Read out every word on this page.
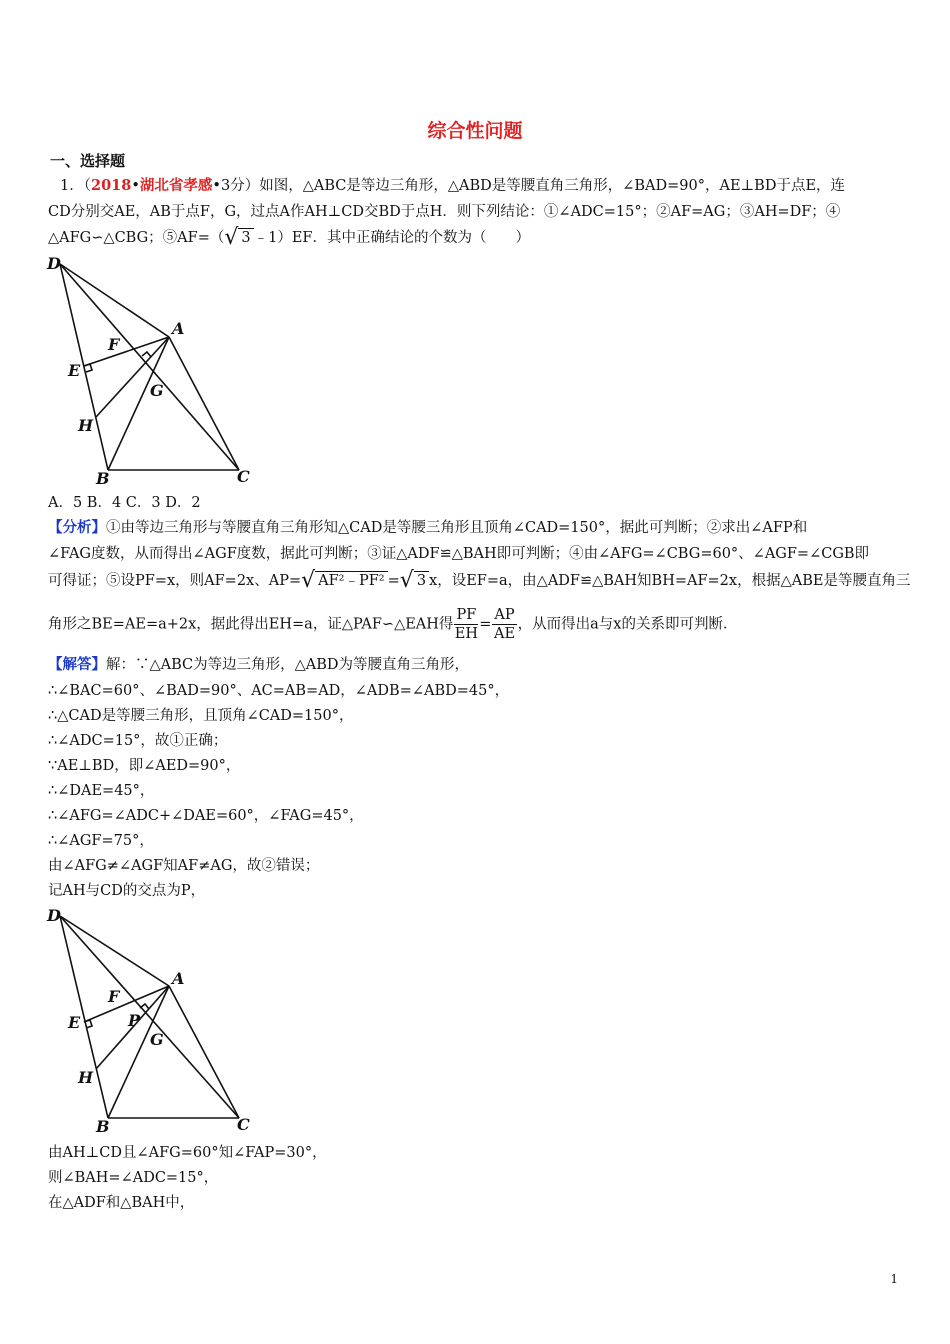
综合性问题
一、选择题
1．（2018•湖北省孝感•3分）如图，△ABC是等边三角形，△ABD是等腰直角三角形，∠BAD=90°，AE⊥BD于点E，连
CD分别交AE，AB于点F，G，过点A作AH⊥CD交BD于点H．则下列结论：①∠ADC=15°；②AF=AG；③AH=DF；④
△AFG∽△CBG；⑤AF=（√ 3 ﹣1）EF．其中正确结论的个数为（　　）
D
A
F
E
G
H
B	C
A．5 B．4 C．3 D．2
【分析】①由等边三角形与等腰直角三角形知△CAD是等腰三角形且顶角∠CAD=150°，据此可判断；②求出∠AFP和
∠FAG度数，从而得出∠AGF度数，据此可判断；③证△ADF≌△BAH即可判断；④由∠AFG=∠CBG=60°、∠AGF=∠CGB即
可得证；⑤设PF=x，则AF=2x、AP=√ AF²﹣PF² =√ 3 x，设EF=a，由△ADF≌△BAH知BH=AF=2x，根据△ABE是等腰直角三
角形之BE=AE=a+2x，据此得出EH=a，证△PAF∽△EAH得 $\frac{PF}{EH} = \frac{AP}{AE}$ ，从而得出a与x的关系即可判断．
【解答】解：∵△ABC为等边三角形，△ABD为等腰直角三角形，
∴∠BAC=60°、∠BAD=90°、AC=AB=AD，∠ADB=∠ABD=45°，
∴△CAD是等腰三角形，且顶角∠CAD=150°，
∴∠ADC=15°，故①正确；
∵AE⊥BD，即∠AED=90°，
∴∠DAE=45°，
∴∠AFG=∠ADC+∠DAE=60°，∠FAG=45°，
∴∠AGF=75°，
由∠AFG≠∠AGF知AF≠AG，故②错误；
记AH与CD的交点为P，
D
A
F
E	P
G
H
B	C
由AH⊥CD且∠AFG=60°知∠FAP=30°，
则∠BAH=∠ADC=15°，
在△ADF和△BAH中，
1
